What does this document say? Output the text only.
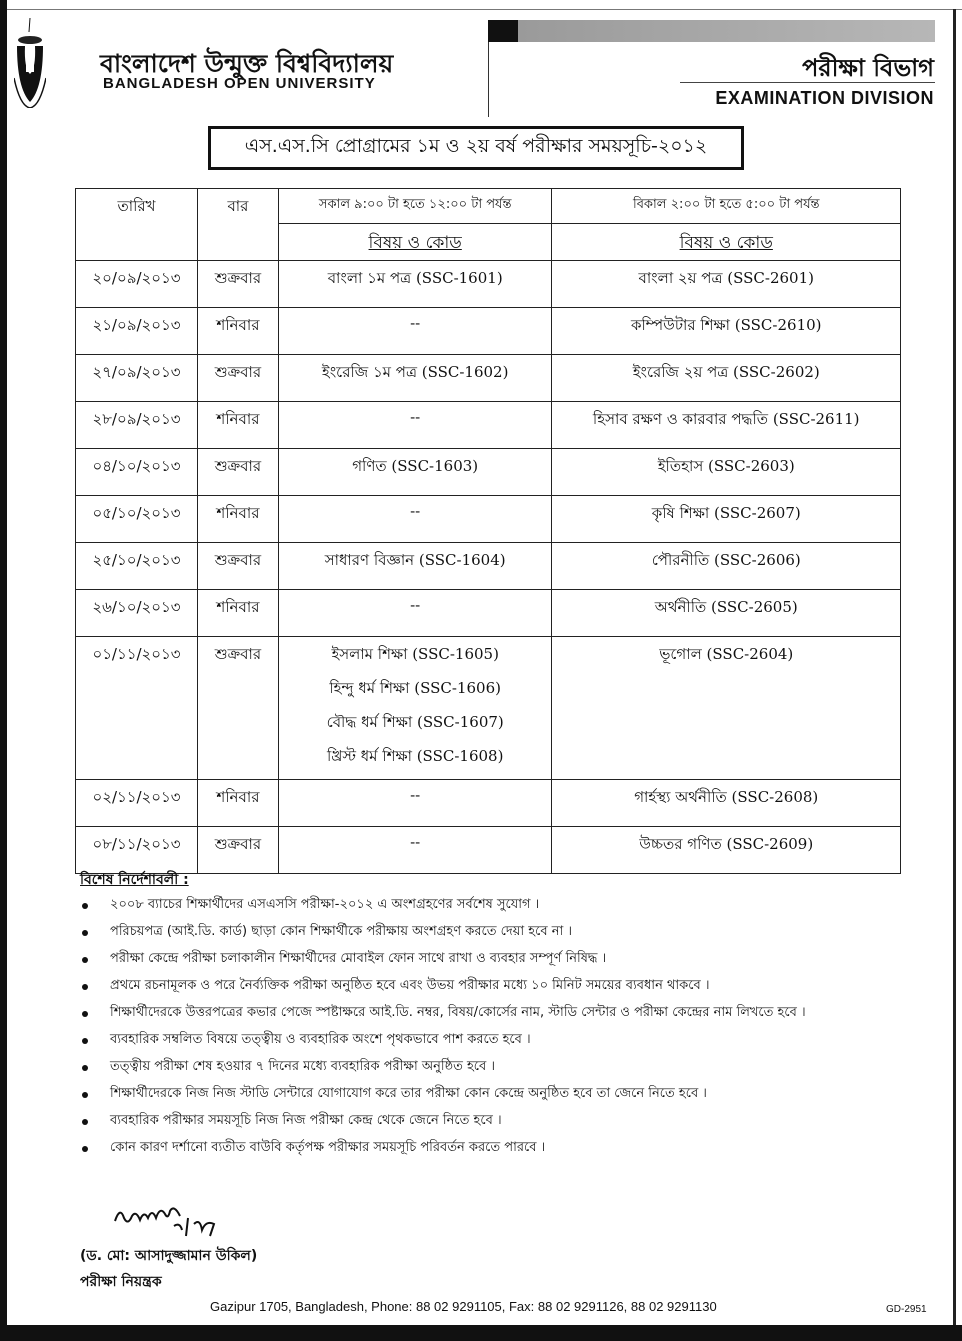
বাংলাদেশ উন্মুক্ত বিশ্ববিদ্যালয়
BANGLADESH OPEN UNIVERSITY
পরীক্ষা বিভাগ
EXAMINATION DIVISION
এস.এস.সি প্রোগ্রামের ১ম ও ২য় বর্ষ পরীক্ষার সময়সূচি-২০১২
তারিখ	বার	সকাল ৯:০০ টা হতে ১২:০০ টা পর্যন্ত	বিকাল ২:০০ টা হতে ৫:০০ টা পর্যন্ত
		বিষয় ও কোড	বিষয় ও কোড
২০/০৯/২০১৩	শুক্রবার	বাংলা ১ম পত্র (SSC-1601)	বাংলা ২য় পত্র (SSC-2601)
২১/০৯/২০১৩	শনিবার	--	কম্পিউটার শিক্ষা (SSC-2610)
২৭/০৯/২০১৩	শুক্রবার	ইংরেজি ১ম পত্র (SSC-1602)	ইংরেজি ২য় পত্র (SSC-2602)
২৮/০৯/২০১৩	শনিবার	--	হিসাব রক্ষণ ও কারবার পদ্ধতি (SSC-2611)
০৪/১০/২০১৩	শুক্রবার	গণিত (SSC-1603)	ইতিহাস (SSC-2603)
০৫/১০/২০১৩	শনিবার	--	কৃষি শিক্ষা (SSC-2607)
২৫/১০/২০১৩	শুক্রবার	সাধারণ বিজ্ঞান (SSC-1604)	পৌরনীতি (SSC-2606)
২৬/১০/২০১৩	শনিবার	--	অর্থনীতি (SSC-2605)
০১/১১/২০১৩	শুক্রবার	ইসলাম শিক্ষা (SSC-1605)
হিন্দু ধর্ম শিক্ষা (SSC-1606)
বৌদ্ধ ধর্ম শিক্ষা (SSC-1607)
খ্রিস্ট ধর্ম শিক্ষা (SSC-1608)	ভূগোল (SSC-2604)
০২/১১/২০১৩	শনিবার	--	গার্হস্থ্য অর্থনীতি (SSC-2608)
০৮/১১/২০১৩	শুক্রবার	--	উচ্চতর গণিত (SSC-2609)
বিশেষ নির্দেশাবলী :
২০০৮ ব্যাচের শিক্ষার্থীদের এসএসসি পরীক্ষা-২০১২ এ অংশগ্রহণের সর্বশেষ সুযোগ ।
পরিচয়পত্র (আই.ডি. কার্ড) ছাড়া কোন শিক্ষার্থীকে পরীক্ষায় অংশগ্রহণ করতে দেয়া হবে না ।
পরীক্ষা কেন্দ্রে পরীক্ষা চলাকালীন শিক্ষার্থীদের মোবাইল ফোন সাথে রাখা ও ব্যবহার সম্পূর্ণ নিষিদ্ধ ।
প্রথমে রচনামূলক ও পরে নৈর্ব্যক্তিক পরীক্ষা অনুষ্ঠিত হবে এবং উভয় পরীক্ষার মধ্যে ১০ মিনিট সময়ের ব্যবধান থাকবে ।
শিক্ষার্থীদেরকে উত্তরপত্রের কভার পেজে স্পষ্টাক্ষরে আই.ডি. নম্বর, বিষয়/কোর্সের নাম, স্টাডি সেন্টার ও পরীক্ষা কেন্দ্রের নাম লিখতে হবে ।
ব্যবহারিক সম্বলিত বিষয়ে তত্ত্বীয় ও ব্যবহারিক অংশে পৃথকভাবে পাশ করতে হবে ।
তত্ত্বীয় পরীক্ষা শেষ হওয়ার ৭ দিনের মধ্যে ব্যবহারিক পরীক্ষা অনুষ্ঠিত হবে ।
শিক্ষার্থীদেরকে নিজ নিজ স্টাডি সেন্টারে যোগাযোগ করে তার পরীক্ষা কোন কেন্দ্রে অনুষ্ঠিত হবে তা জেনে নিতে হবে ।
ব্যবহারিক পরীক্ষার সময়সূচি নিজ নিজ পরীক্ষা কেন্দ্র থেকে জেনে নিতে হবে ।
কোন কারণ দর্শানো ব্যতীত বাউবি কর্তৃপক্ষ পরীক্ষার সময়সূচি পরিবর্তন করতে পারবে ।
(ড. মো: আসাদুজ্জামান উকিল)
পরীক্ষা নিয়ন্ত্রক
Gazipur 1705, Bangladesh, Phone: 88 02 9291105, Fax: 88 02 9291126, 88 02 9291130	GD-2951
